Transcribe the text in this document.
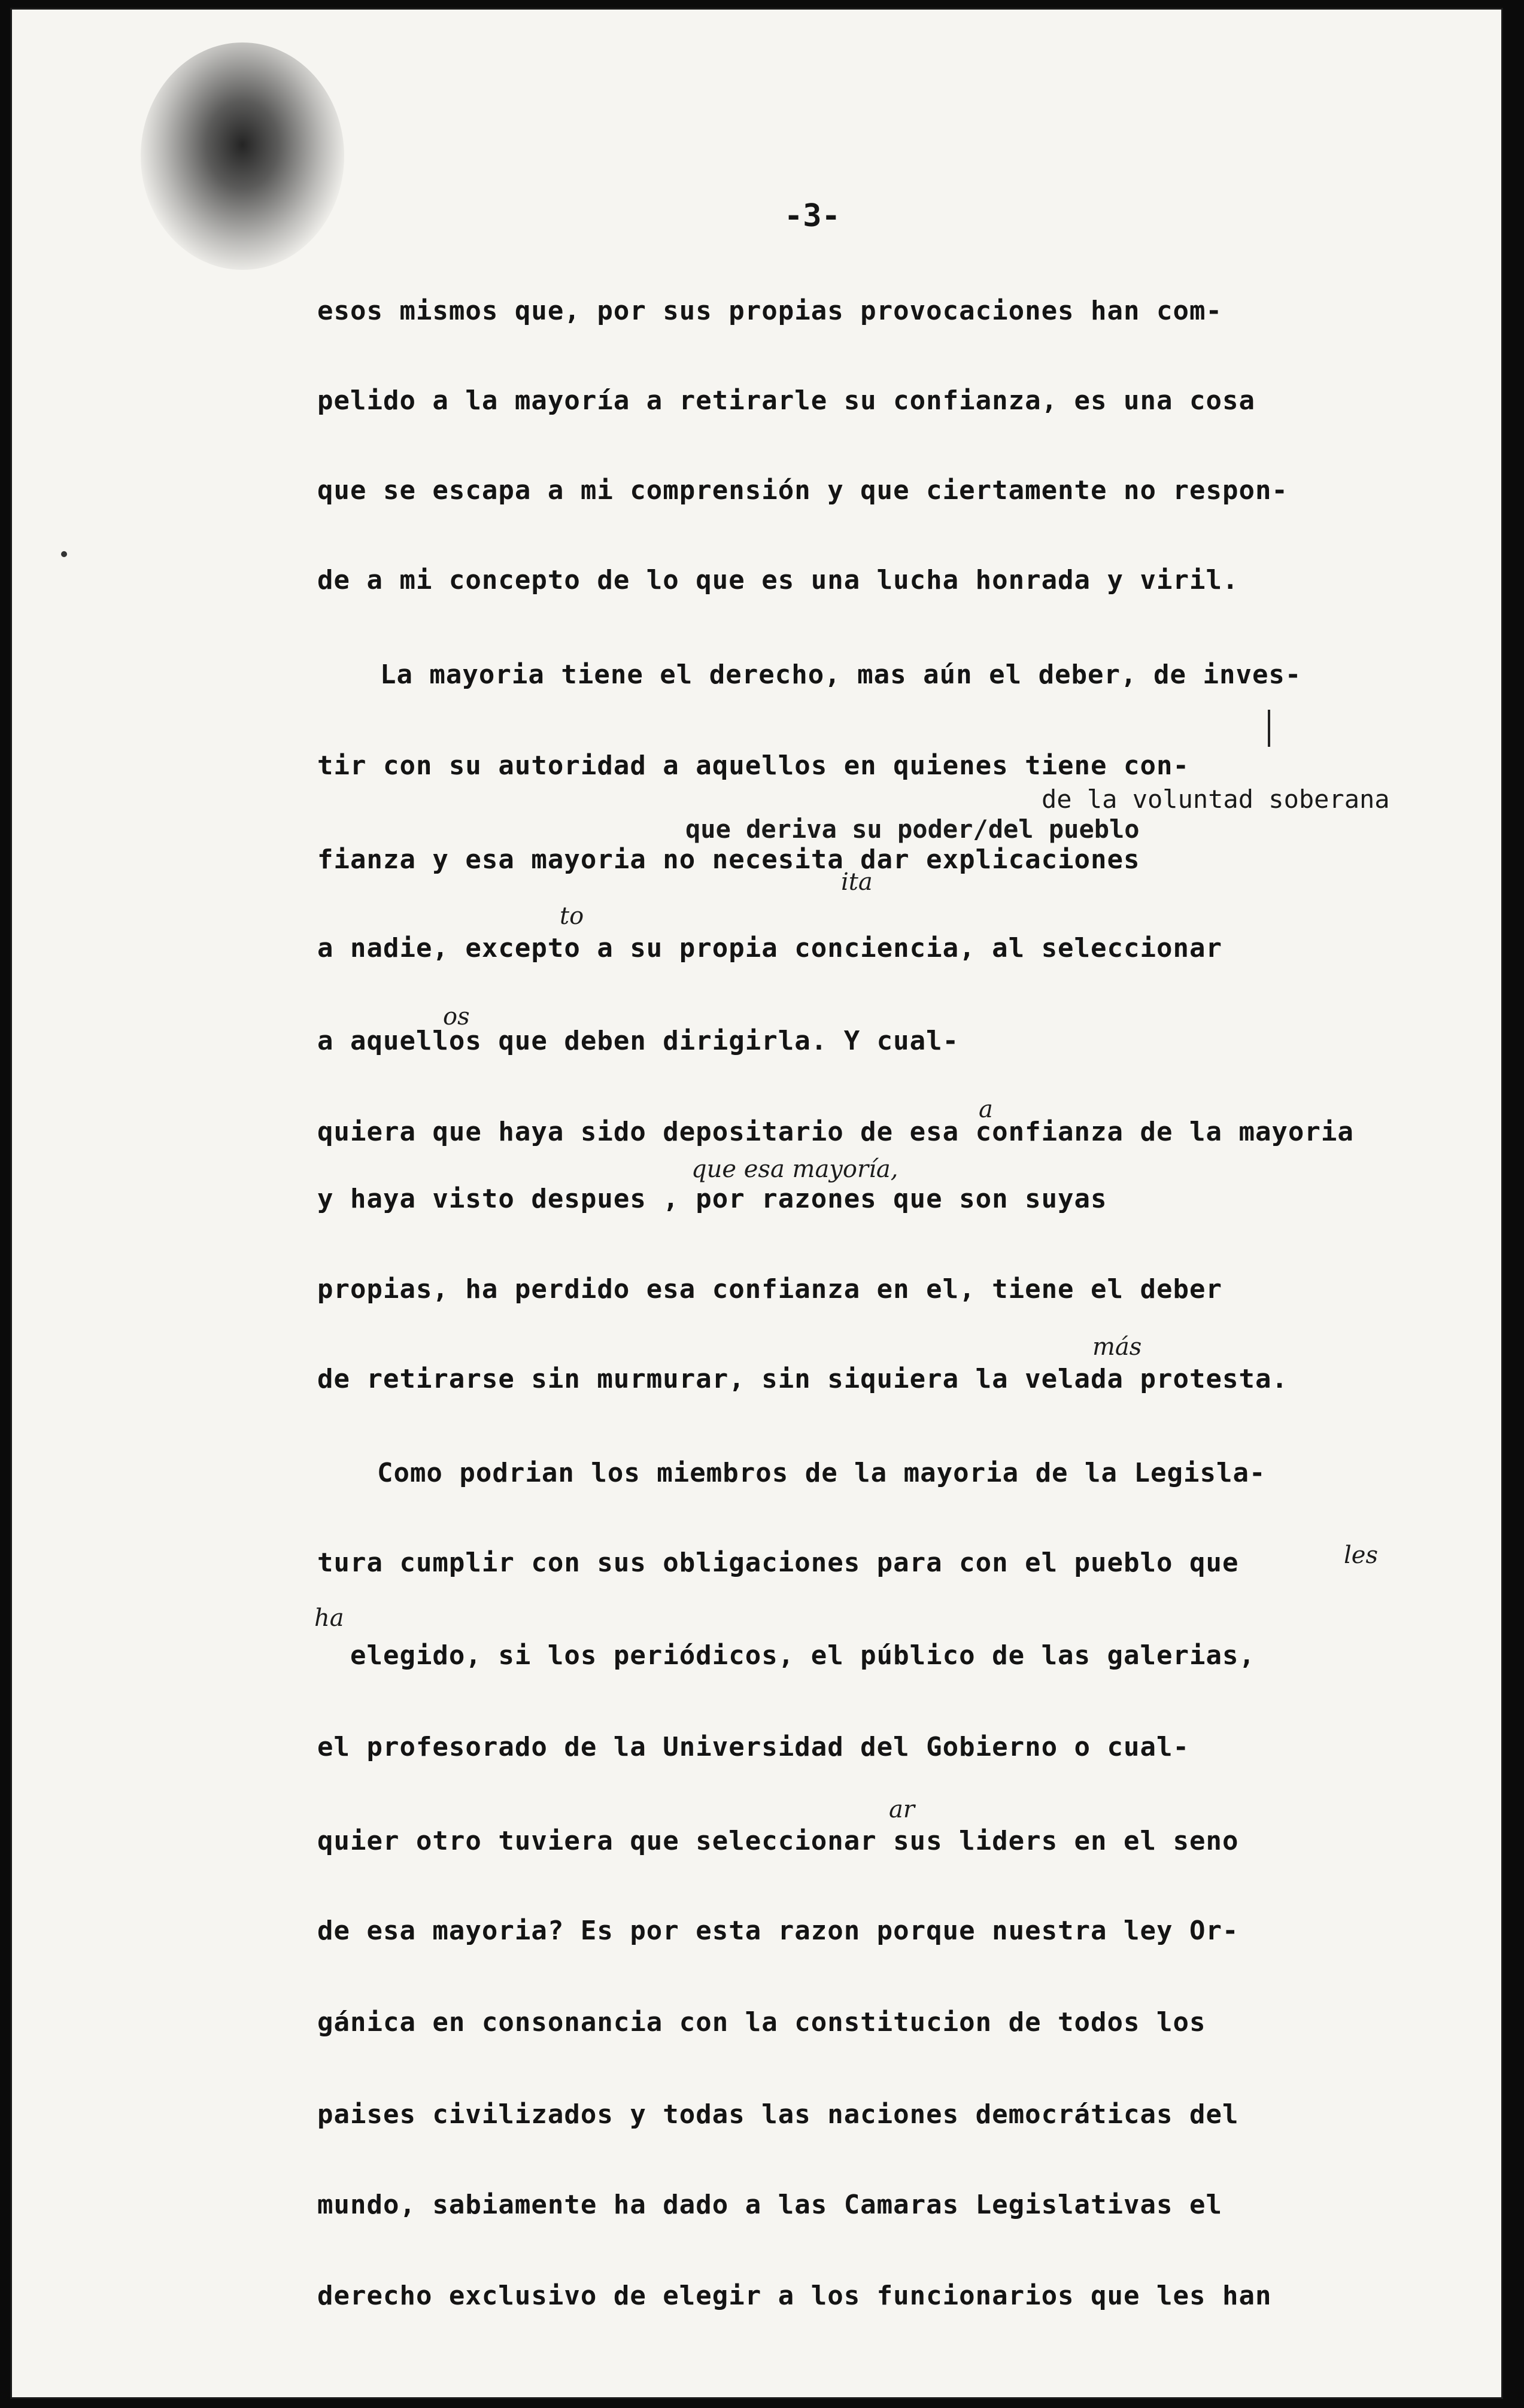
-3-
esos mismos que, por sus propias provocaciones han com-
pelido a la mayoría a retirarle su confianza, es una cosa
que se escapa a mi comprensión y que ciertamente no respon-
de a mi concepto de lo que es una lucha honrada y viril.
La mayoria tiene el derecho, mas aún el deber, de inves-
tir con su autoridad a aquellos en quienes tiene con-
fianza y esa mayoria no necesita dar explicaciones
a nadie, excepto a su propia conciencia, al seleccionar
a aquellos que deben dirigirla. Y cual-
quiera que haya sido depositario de esa confianza de la mayoria
y haya visto despues , por razones que son suyas
propias, ha perdido esa confianza en el, tiene el deber
de retirarse sin murmurar, sin siquiera la velada protesta.
Como podrian los miembros de la mayoria de la Legisla-
tura cumplir con sus obligaciones para con el pueblo que
elegido, si los periódicos, el público de las galerias,
el profesorado de la Universidad del Gobierno o cual-
quier otro tuviera que seleccionar sus liders en el seno
de esa mayoria? Es por esta razon porque nuestra ley Or-
gánica en consonancia con la constitucion de todos los
paises civilizados y todas las naciones democráticas del
mundo, sabiamente ha dado a las Camaras Legislativas el
derecho exclusivo de elegir a los funcionarios que les han
de la voluntad soberana
que deriva su poder/del pueblo
ita
to
os
a
que esa mayoría,
más
les
ha
ar
